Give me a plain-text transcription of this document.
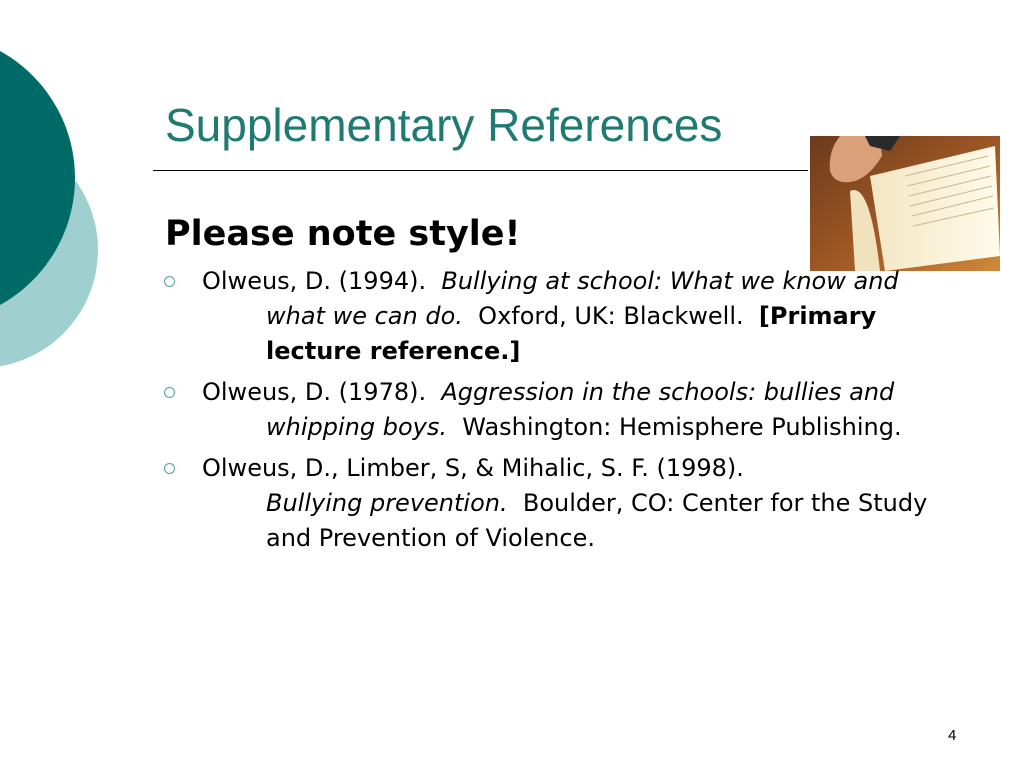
Supplementary References
Please note style!
Olweus, D. (1994). Bullying at school: What we know and what we can do. Oxford, UK: Blackwell. [Primary lecture reference.]
Olweus, D. (1978). Aggression in the schools: bullies and whipping boys. Washington: Hemisphere Publishing.
Olweus, D., Limber, S, & Mihalic, S. F. (1998).
Bullying prevention. Boulder, CO: Center for the Study and Prevention of Violence.
4
